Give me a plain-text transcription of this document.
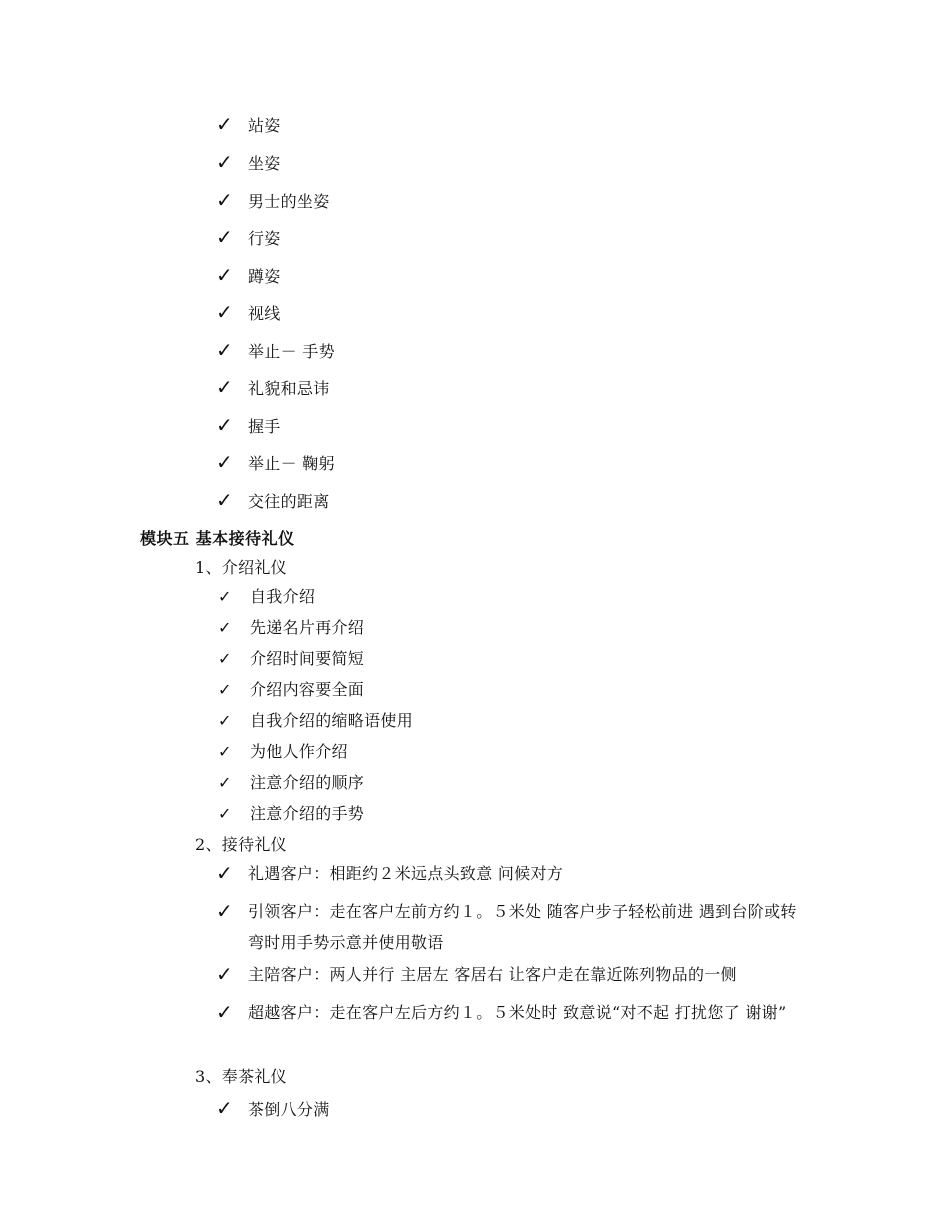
✓ 站姿
✓ 坐姿
✓ 男士的坐姿
✓ 行姿
✓ 蹲姿
✓ 视线
✓ 举止－ 手势
✓ 礼貌和忌讳
✓ 握手
✓ 举止－ 鞠躬
✓ 交往的距离
模块五 基本接待礼仪
1、介绍礼仪
✓	自我介绍
✓	先递名片再介绍
✓	介绍时间要简短
✓	介绍内容要全面
✓	自我介绍的缩略语使用
✓	为他人作介绍
✓	注意介绍的顺序
✓	注意介绍的手势
2、接待礼仪
✓ 礼遇客户：相距约２米远点头致意 问候对方
✓ 引领客户：走在客户左前方约１。５米处 随客户步子轻松前进 遇到台阶或转弯时用手势示意并使用敬语
✓ 主陪客户：两人并行 主居左 客居右 让客户走在靠近陈列物品的一侧
✓ 超越客户：走在客户左后方约１。５米处时 致意说“对不起 打扰您了 谢谢”
3、奉茶礼仪
✓ 茶倒八分满
